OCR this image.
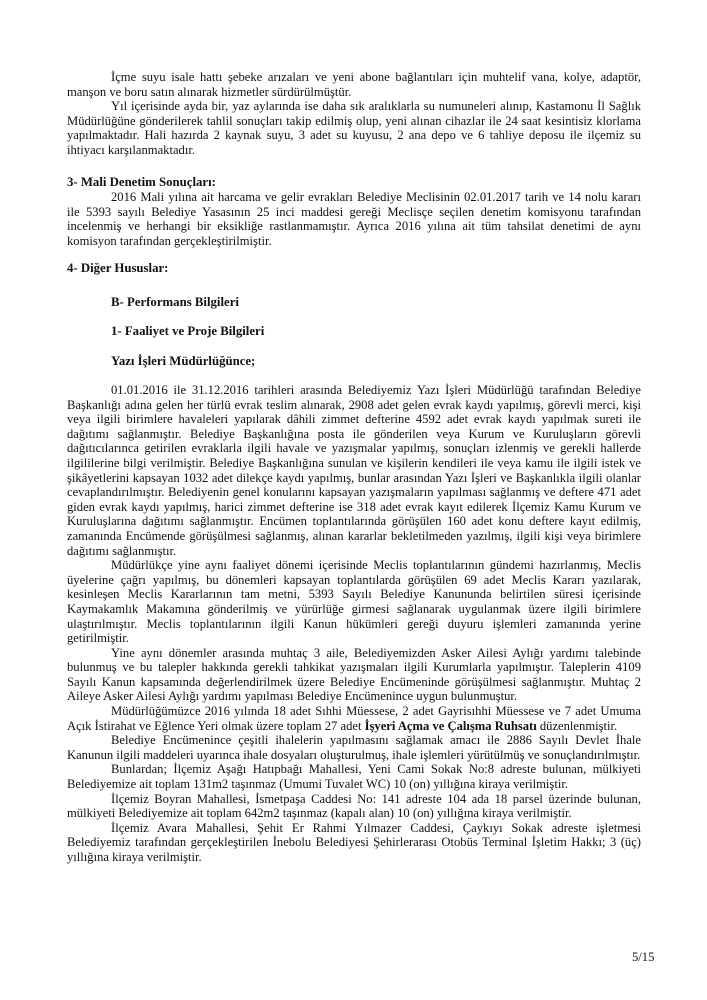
İçme suyu isale hattı şebeke arızaları ve yeni abone bağlantıları için muhtelif vana, kolye, adaptör, manşon ve boru satın alınarak hizmetler sürdürülmüştür.

Yıl içerisinde ayda bir, yaz aylarında ise daha sık aralıklarla su numuneleri alınıp, Kastamonu İl Sağlık Müdürlüğüne gönderilerek tahlil sonuçları takip edilmiş olup, yeni alınan cihazlar ile 24 saat kesintisiz klorlama yapılmaktadır. Hali hazırda 2 kaynak suyu, 3 adet su kuyusu, 2 ana depo ve 6 tahliye deposu ile ilçemiz su ihtiyacı karşılanmaktadır.

3- Mali Denetim Sonuçları:

2016 Mali yılına ait harcama ve gelir evrakları Belediye Meclisinin 02.01.2017 tarih ve 14 nolu kararı ile 5393 sayılı Belediye Yasasının 25 inci maddesi gereği Meclisçe seçilen denetim komisyonu tarafından incelenmiş ve herhangi bir eksikliğe rastlanmamıştır. Ayrıca 2016 yılına ait tüm tahsilat denetimi de aynı komisyon tarafından gerçekleştirilmiştir.

4- Diğer Hususlar:
B- Performans Bilgileri
1- Faaliyet ve Proje Bilgileri
Yazı İşleri Müdürlüğünce;

01.01.2016 ile 31.12.2016 tarihleri arasında Belediyemiz Yazı İşleri Müdürlüğü tarafından Belediye Başkanlığı adına gelen her türlü evrak teslim alınarak, 2908 adet gelen evrak kaydı yapılmış, görevli merci, kişi veya ilgili birimlere havaleleri yapılarak dâhili zimmet defterine 4592 adet evrak kaydı yapılmak sureti ile dağıtımı sağlanmıştır. Belediye Başkanlığına posta ile gönderilen veya Kurum ve Kuruluşların görevli dağıtıcılarınca getirilen evraklarla ilgili havale ve yazışmalar yapılmış, sonuçları izlenmiş ve gerekli hallerde ilgililerine bilgi verilmiştir. Belediye Başkanlığına sunulan ve kişilerin kendileri ile veya kamu ile ilgili istek ve şikâyetlerini kapsayan 1032 adet dilekçe kaydı yapılmış, bunlar arasından Yazı İşleri ve Başkanlıkla ilgili olanlar cevaplandırılmıştır. Belediyenin genel konularını kapsayan yazışmaların yapılması sağlanmış ve deftere 471 adet giden evrak kaydı yapılmış, harici zimmet defterine ise 318 adet evrak kayıt edilerek İlçemiz Kamu Kurum ve Kuruluşlarına dağıtımı sağlanmıştır. Encümen toplantılarında görüşülen 160 adet konu deftere kayıt edilmiş, zamanında Encümende görüşülmesi sağlanmış, alınan kararlar bekletilmeden yazılmış, ilgili kişi veya birimlere dağıtımı sağlanmıştır.

Müdürlükçe yine aynı faaliyet dönemi içerisinde Meclis toplantılarının gündemi hazırlanmış, Meclis üyelerine çağrı yapılmış, bu dönemleri kapsayan toplantılarda görüşülen 69 adet Meclis Kararı yazılarak, kesinleşen Meclis Kararlarının tam metni, 5393 Sayılı Belediye Kanununda belirtilen süresi içerisinde Kaymakamlık Makamına gönderilmiş ve yürürlüğe girmesi sağlanarak uygulanmak üzere ilgili birimlere ulaştırılmıştır. Meclis toplantılarının ilgili Kanun hükümleri gereği duyuru işlemleri zamanında yerine getirilmiştir.

Yine aynı dönemler arasında muhtaç 3 aile, Belediyemizden Asker Ailesi Aylığı yardımı talebinde bulunmuş ve bu talepler hakkında gerekli tahkikat yazışmaları ilgili Kurumlarla yapılmıştır. Taleplerin 4109 Sayılı Kanun kapsamında değerlendirilmek üzere Belediye Encümeninde görüşülmesi sağlanmıştır. Muhtaç 2 Aileye Asker Ailesi Aylığı yardımı yapılması Belediye Encümenince uygun bulunmuştur.

Müdürlüğümüzce 2016 yılında 18 adet Sıhhi Müessese, 2 adet Gayrisıhhi Müessese ve 7 adet Umuma Açık İstirahat ve Eğlence Yeri olmak üzere toplam 27 adet İşyeri Açma ve Çalışma Ruhsatı düzenlenmiştir.

Belediye Encümenince çeşitli ihalelerin yapılmasını sağlamak amacı ile 2886 Sayılı Devlet İhale Kanunun ilgili maddeleri uyarınca ihale dosyaları oluşturulmuş, ihale işlemleri yürütülmüş ve sonuçlandırılmıştır.

Bunlardan; İlçemiz Aşağı Hatıpbağı Mahallesi, Yeni Cami Sokak No:8 adreste bulunan, mülkiyeti Belediyemize ait toplam 131m2 taşınmaz (Umumi Tuvalet WC) 10 (on) yıllığına kiraya verilmiştir.

İlçemiz Boyran Mahallesi, İsmetpaşa Caddesi No: 141 adreste 104 ada 18 parsel üzerinde bulunan, mülkiyeti Belediyemize ait toplam 642m2 taşınmaz (kapalı alan) 10 (on) yıllığına kiraya verilmiştir.

İlçemiz Avara Mahallesi, Şehit Er Rahmi Yılmazer Caddesi, Çaykıyı Sokak adreste işletmesi Belediyemiz tarafından gerçekleştirilen İnebolu Belediyesi Şehirlerarası Otobüs Terminal İşletim Hakkı; 3 (üç) yıllığına kiraya verilmiştir.

5/15
